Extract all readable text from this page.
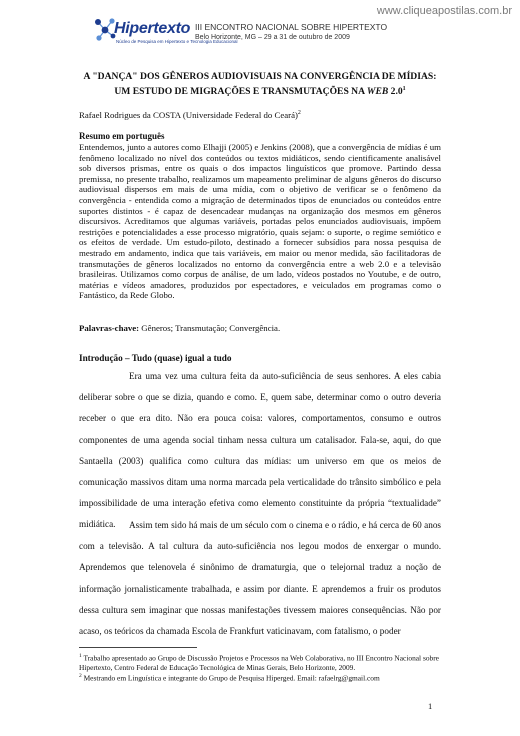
www.cliqueapostilas.com.br
Hipertexto
Núcleo de Pesquisa em Hipertexto e Tecnologia Educacional
III ENCONTRO NACIONAL SOBRE HIPERTEXTO
Belo Horizonte, MG – 29 a 31 de outubro de 2009
A "DANÇA" DOS GÊNEROS AUDIOVISUAIS NA CONVERGÊNCIA DE MÍDIAS:
UM ESTUDO DE MIGRAÇÕES E TRANSMUTAÇÕES NA WEB $2.0^1$
Rafael Rodrigues da COSTA (Universidade Federal do Ceará)$^2$
Resumo em português

Entendemos, junto a autores como Elhajji (2005) e Jenkins (2008), que a convergência de mídias é um fenômeno localizado no nível dos conteúdos ou textos midiáticos, sendo cientificamente analisável sob diversos prismas, entre os quais o dos impactos linguísticos que promove. Partindo dessa premissa, no presente trabalho, realizamos um mapeamento preliminar de alguns gêneros do discurso audiovisual dispersos em mais de uma mídia, com o objetivo de verificar se o fenômeno da convergência - entendida como a migração de determinados tipos de enunciados ou conteúdos entre suportes distintos - é capaz de desencadear mudanças na organização dos mesmos em gêneros discursivos. Acreditamos que algumas variáveis, portadas pelos enunciados audiovisuais, impõem restrições e potencialidades a esse processo migratório, quais sejam: o suporte, o regime semiótico e os efeitos de verdade. Um estudo-piloto, destinado a fornecer subsídios para nossa pesquisa de mestrado em andamento, indica que tais variáveis, em maior ou menor medida, são facilitadoras de transmutações de gêneros localizados no entorno da convergência entre a web 2.0 e a televisão brasileiras. Utilizamos como corpus de análise, de um lado, vídeos postados no Youtube, e de outro, matérias e vídeos amadores, produzidos por espectadores, e veiculados em programas como o Fantástico, da Rede Globo.

Palavras-chave: Gêneros; Transmutação; Convergência.

Introdução – Tudo (quase) igual a tudo

Era uma vez uma cultura feita da auto-suficiência de seus senhores. A eles cabia deliberar sobre o que se dizia, quando e como. E, quem sabe, determinar como o outro deveria receber o que era dito. Não era pouca coisa: valores, comportamentos, consumo e outros componentes de uma agenda social tinham nessa cultura um catalisador. Fala-se, aqui, do que Santaella (2003) qualifica como cultura das mídias: um universo em que os meios de comunicação massivos ditam uma norma marcada pela verticalidade do trânsito simbólico e pela impossibilidade de uma interação efetiva como elemento constituinte da própria “textualidade” midiática.	Assim tem sido há mais de um século com o cinema e o rádio, e há cerca de 60 anos com a televisão. A tal cultura da auto-suficiência nos legou modos de enxergar o mundo. Aprendemos que telenovela é sinônimo de dramaturgia, que o telejornal traduz a noção de informação jornalisticamente trabalhada, e assim por diante. E aprendemos a fruir os produtos dessa cultura sem imaginar que nossas manifestações tivessem maiores consequências. Não por acaso, os teóricos da chamada Escola de Frankfurt vaticinavam, com fatalismo, o poder

$^1$ Trabalho apresentado ao Grupo de Discussão Projetos e Processos na Web Colaborativa, no III Encontro Nacional sobre Hipertexto, Centro Federal de Educação Tecnológica de Minas Gerais, Belo Horizonte, 2009.
$^2$ Mestrando em Linguística e integrante do Grupo de Pesquisa Hiperged. Email: rafaelrg@gmail.com
1
